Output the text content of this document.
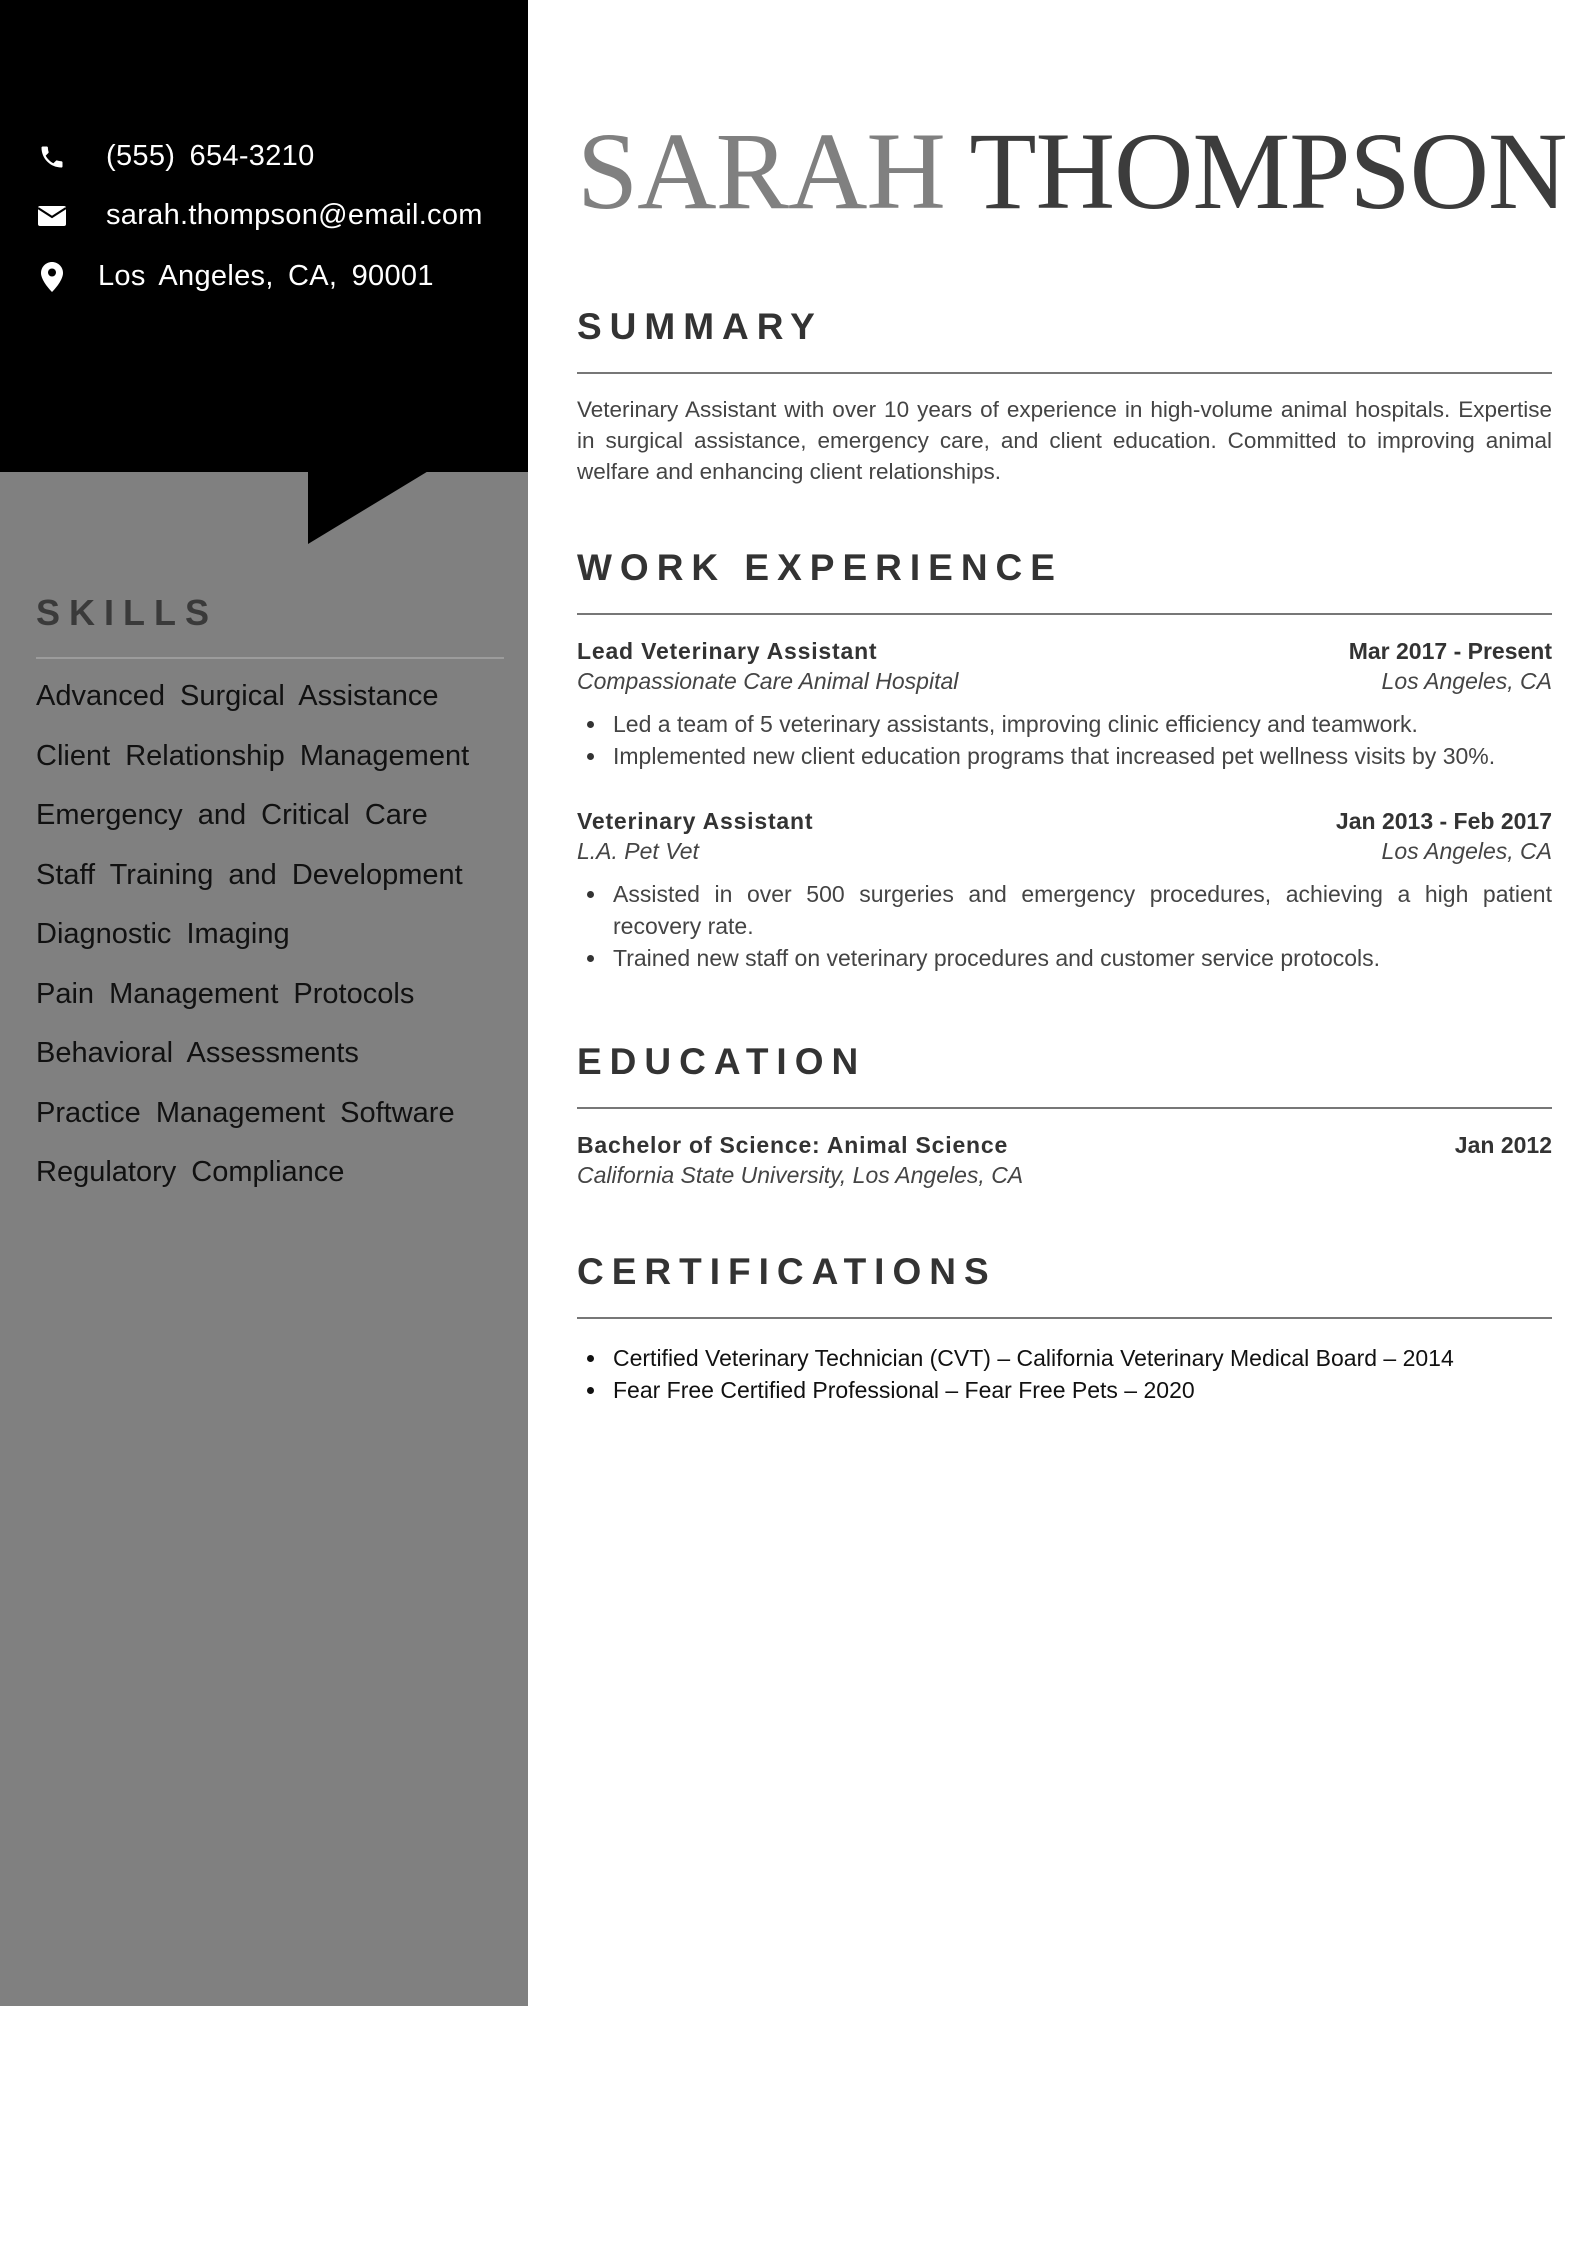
(555) 654-3210
sarah.thompson@email.com
Los Angeles, CA, 90001
SKILLS
Advanced Surgical Assistance
Client Relationship Management
Emergency and Critical Care
Staff Training and Development
Diagnostic Imaging
Pain Management Protocols
Behavioral Assessments
Practice Management Software
Regulatory Compliance
SARAH THOMPSON
SUMMARY
Veterinary Assistant with over 10 years of experience in high-volume animal hospitals. Expertise in surgical assistance, emergency care, and client education. Committed to improving animal welfare and enhancing client relationships.
WORK EXPERIENCE
Lead Veterinary Assistant	Mar 2017 - Present
Compassionate Care Animal Hospital	Los Angeles, CA
Led a team of 5 veterinary assistants, improving clinic efficiency and teamwork.
Implemented new client education programs that increased pet wellness visits by 30%.
Veterinary Assistant	Jan 2013 - Feb 2017
L.A. Pet Vet	Los Angeles, CA
Assisted in over 500 surgeries and emergency procedures, achieving a high patient recovery rate.
Trained new staff on veterinary procedures and customer service protocols.
EDUCATION
Bachelor of Science: Animal Science	Jan 2012
California State University, Los Angeles, CA
CERTIFICATIONS
Certified Veterinary Technician (CVT) – California Veterinary Medical Board – 2014
Fear Free Certified Professional – Fear Free Pets – 2020
